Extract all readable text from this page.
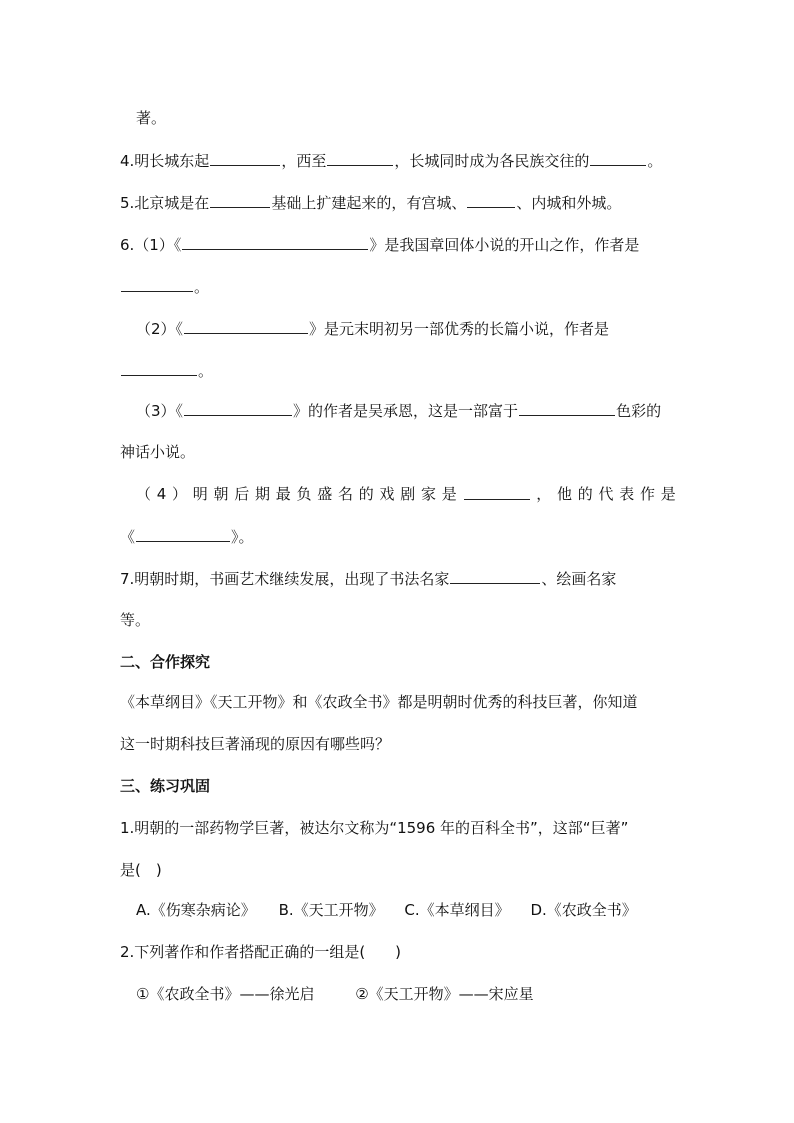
著。
4.明长城东起	，西至	，长城同时成为各民族交往的	。
5.北京城是在	基础上扩建起来的，有宫城、	、内城和外城。
6.（1）《	》是我国章回体小说的开山之作，作者是
。
（2）《	》是元末明初另一部优秀的长篇小说，作者是
。
（3）《	》的作者是吴承恩，这是一部富于	色彩的
神话小说。
（ 4 ） 明 朝 后 期 最 负 盛 名 的 戏 剧 家 是	， 他 的 代 表 作 是
《	》。
7.明朝时期，书画艺术继续发展，出现了书法名家	、绘画名家
等。
二、合作探究
《本草纲目》《天工开物》和《农政全书》都是明朝时优秀的科技巨著，你知道
这一时期科技巨著涌现的原因有哪些吗？
三、练习巩固
1.明朝的一部药物学巨著，被达尔文称为“1596 年的百科全书”，这部“巨著”
是(　)
A.《伤寒杂病论》 B.《天工开物》 C.《本草纲目》 D.《农政全书》
2.下列著作和作者搭配正确的一组是(　　)
①《农政全书》——徐光启	②《天工开物》——宋应星
